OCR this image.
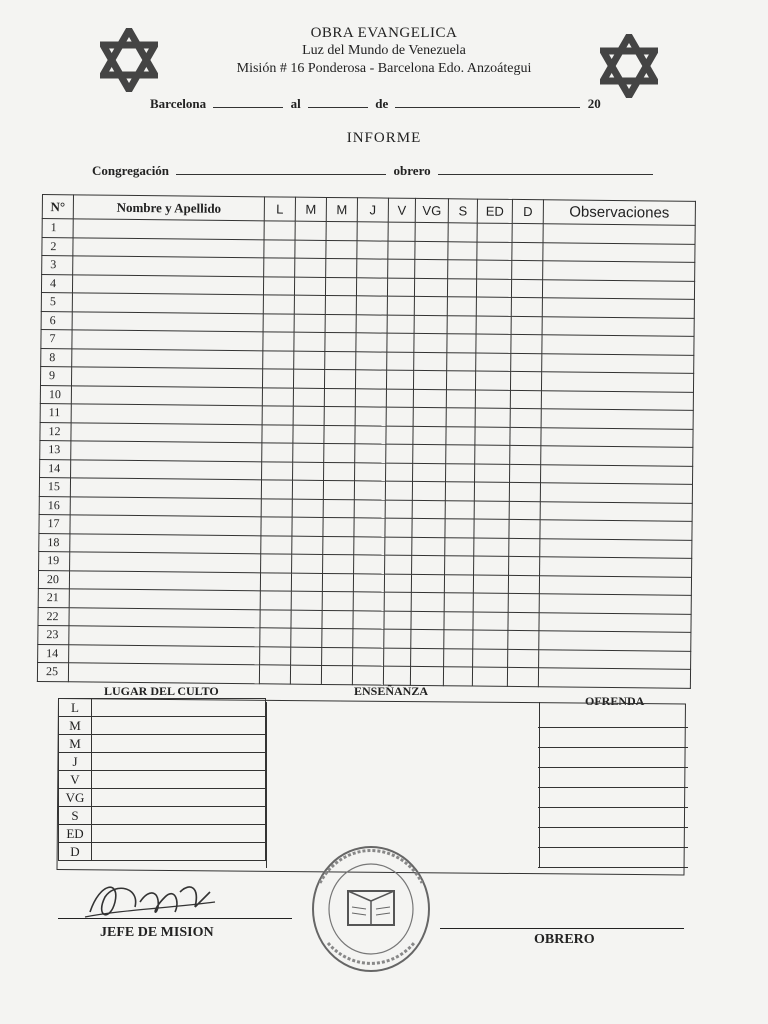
OBRA EVANGELICA
Luz del Mundo de Venezuela
Misión # 16 Ponderosa - Barcelona Edo. Anzoátegui
Barcelona	al	de	20
INFORME
Congregación	obrero
N°	Nombre y Apellido	L	M	M	J	V	VG	S	ED	D	Observaciones
1											
2											
3											
4											
5											
6											
7											
8											
9											
10											
11											
12											
13											
14											
15											
16											
17											
18											
19											
20											
21											
22											
23											
14											
25											
LUGAR DEL CULTO	ENSEÑANZA
OFRENDA
L	
M	
M	
J	
V	
VG	
S	
ED	
D	
JEFE DE MISION	OBRERO
